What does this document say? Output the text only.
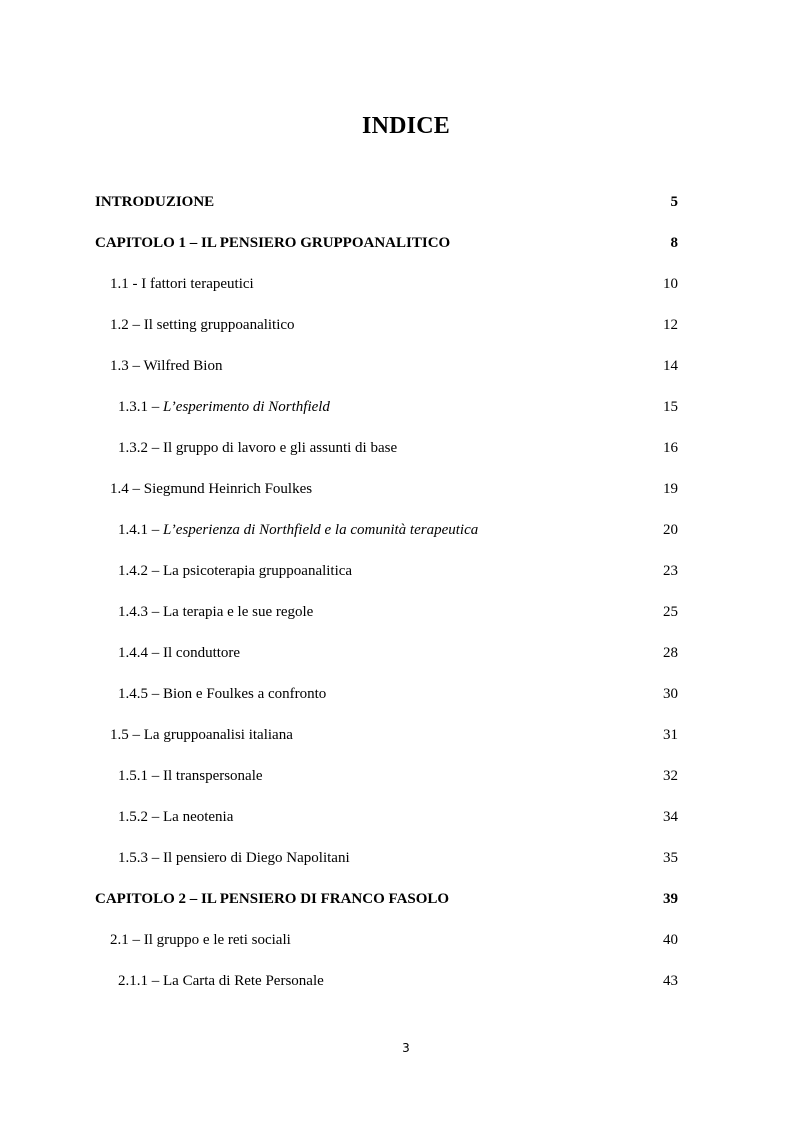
INDICE
INTRODUZIONE	5
CAPITOLO 1 – IL PENSIERO GRUPPOANALITICO	8
1.1 - I fattori terapeutici	10
1.2 – Il setting gruppoanalitico	12
1.3 – Wilfred Bion	14
1.3.1 – L’esperimento di Northfield	15
1.3.2 – Il gruppo di lavoro e gli assunti di base	16
1.4 – Siegmund Heinrich Foulkes	19
1.4.1 – L’esperienza di Northfield e la comunità terapeutica	20
1.4.2 – La psicoterapia gruppoanalitica	23
1.4.3 – La terapia e le sue regole	25
1.4.4 – Il conduttore	28
1.4.5 – Bion e Foulkes a confronto	30
1.5 – La gruppoanalisi italiana	31
1.5.1 – Il transpersonale	32
1.5.2 – La neotenia	34
1.5.3 – Il pensiero di Diego Napolitani	35
CAPITOLO 2 – IL PENSIERO DI FRANCO FASOLO	39
2.1 – Il gruppo e le reti sociali	40
2.1.1 – La Carta di Rete Personale	43
3
